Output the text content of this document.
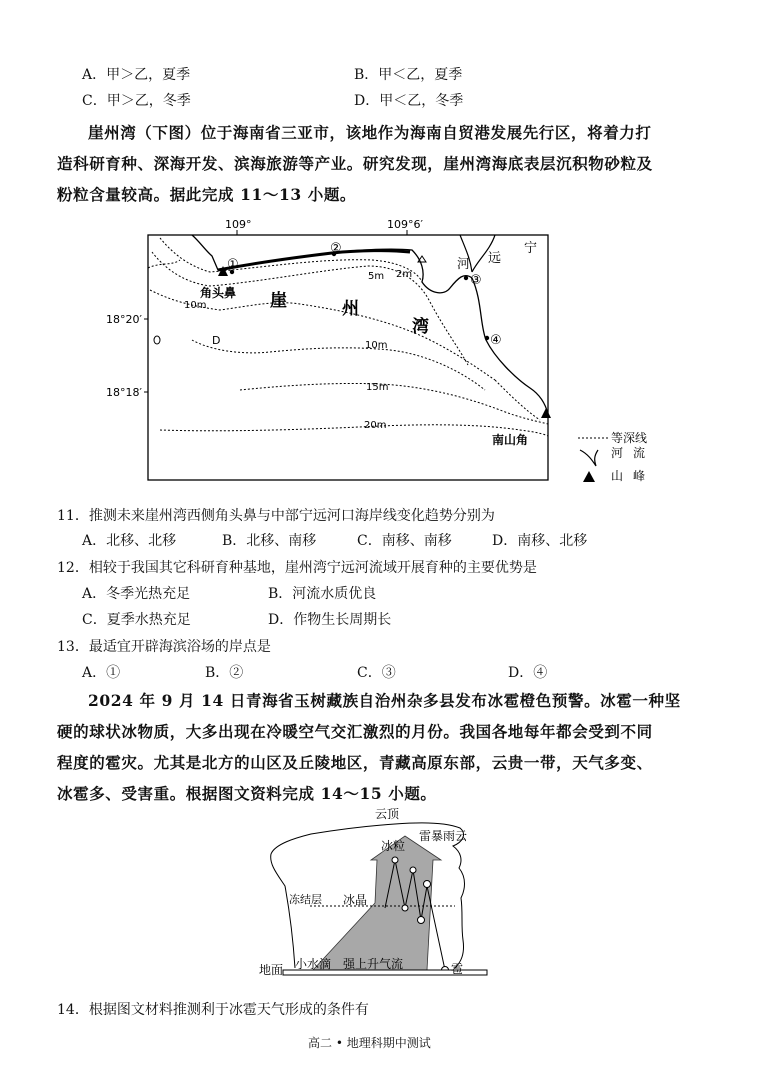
A．甲＞乙，夏季	B．甲＜乙，夏季
C．甲＞乙，冬季	D．甲＜乙，冬季
崖州湾（下图）位于海南省三亚市，该地作为海南自贸港发展先行区，将着力打
造科研育种、深海开发、滨海旅游等产业。研究发现，崖州湾海底表层沉积物砂粒及
粉粒含量较高。据此完成 11～13 小题。
109°	109°6′
18°20′
18°18′
2m
5m
10m
10m
15m
20m
D
角头鼻 崖	州
湾
宁
远
河
南山角
①
②
③
④
等深线
河 流
山 峰
11．推测未来崖州湾西侧角头鼻与中部宁远河口海岸线变化趋势分别为
A．北移、北移	B．北移、南移	C．南移、南移	D．南移、北移
12．相较于我国其它科研育种基地，崖州湾宁远河流域开展育种的主要优势是
A．冬季光热充足	B．河流水质优良
C．夏季水热充足	D．作物生长周期长
13．最适宜开辟海滨浴场的岸点是
A．①	B．②	C．③	D．④
2024 年 9 月 14 日青海省玉树藏族自治州杂多县发布冰雹橙色预警。冰雹一种坚
硬的球状冰物质，大多出现在冷暖空气交汇激烈的月份。我国各地每年都会受到不同
程度的雹灾。尤其是北方的山区及丘陵地区，青藏高原东部，云贵一带，天气多变、
冰雹多、受害重。根据图文资料完成 14～15 小题。
云顶
雷暴雨云
冰粒
冻结层 冰晶
地面 小水滴 强上升气流	雹
14．根据图文材料推测利于冰雹天气形成的条件有
高二 • 地理科期中测试
